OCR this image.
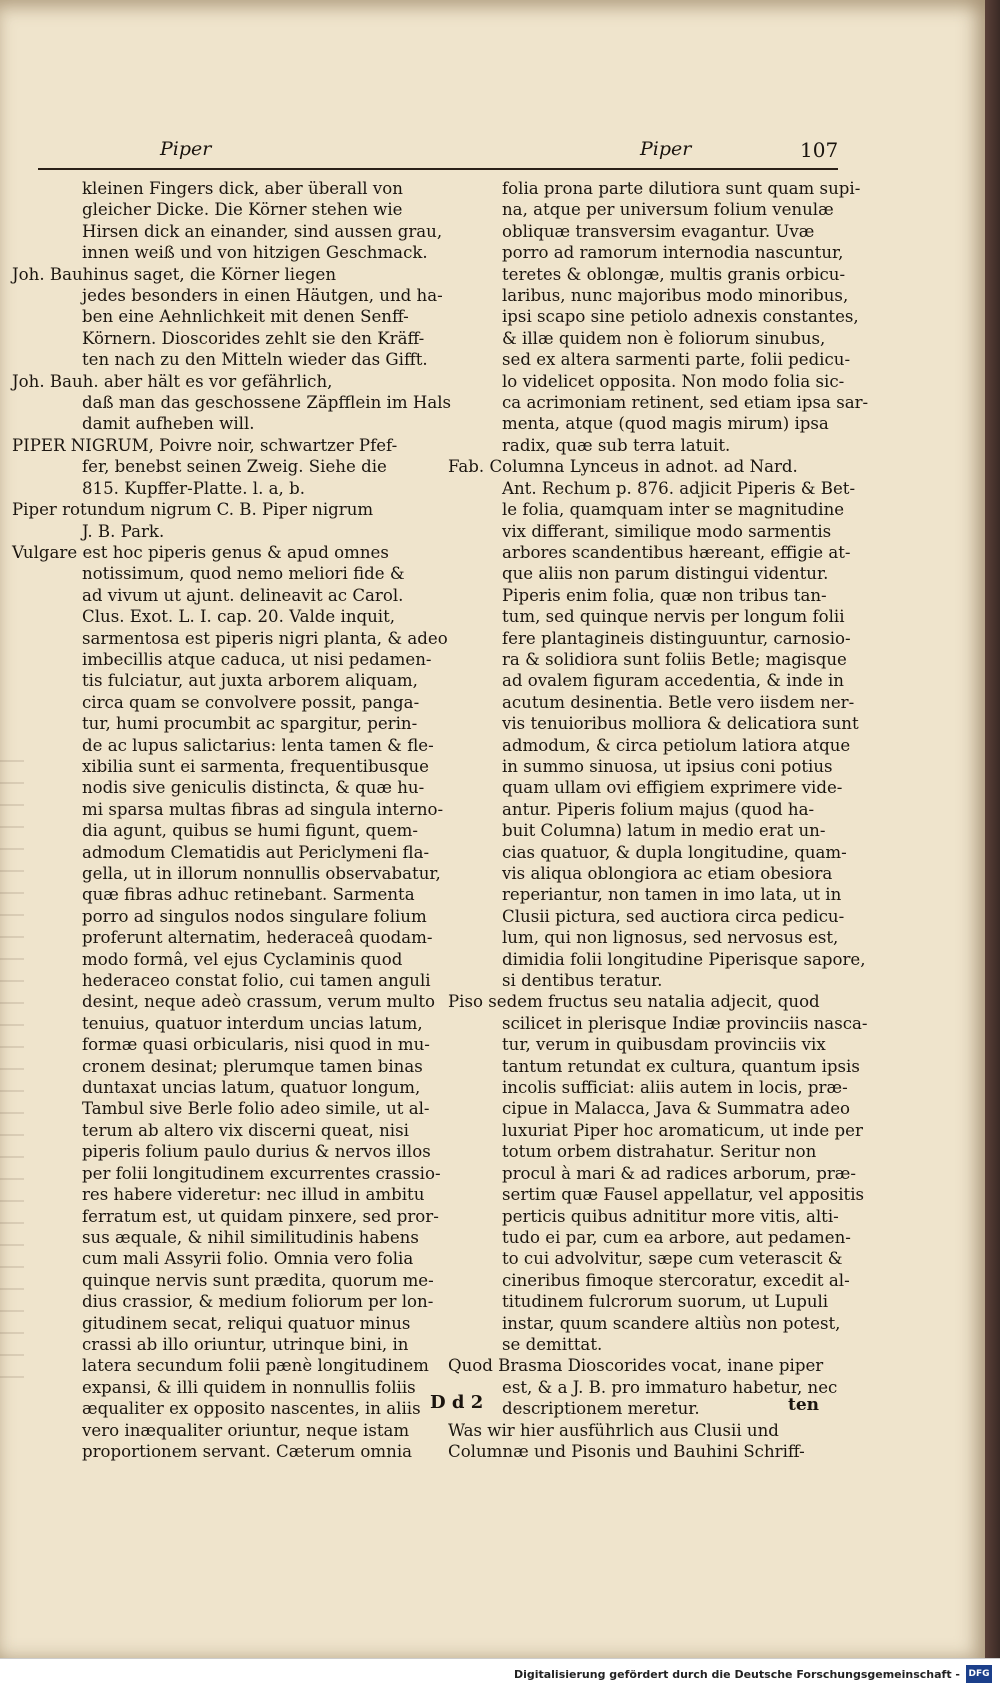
Piper	Piper	107
kleinen Fingers dick, aber überall von
gleicher Dicke. Die Körner stehen wie
Hirsen dick an einander, sind aussen grau,
innen weiß und von hitzigen Geschmack.
Joh. Bauhinus saget, die Körner liegen
jedes besonders in einen Häutgen, und ha-
ben eine Aehnlichkeit mit denen Senff-
Körnern. Dioscorides zehlt sie den Kräff-
ten nach zu den Mitteln wieder das Gifft.
Joh. Bauh. aber hält es vor gefährlich,
daß man das geschossene Zäpfflein im Hals
damit aufheben will.
PIPER NIGRUM, Poivre noir, schwartzer Pfef-
fer, benebst seinen Zweig. Siehe die
815. Kupffer-Platte. l. a, b.
Piper rotundum nigrum C. B. Piper nigrum
J. B. Park.
Vulgare est hoc piperis genus & apud omnes
notissimum, quod nemo meliori fide &
ad vivum ut ajunt. delineavit ac Carol.
Clus. Exot. L. I. cap. 20. Valde inquit,
sarmentosa est piperis nigri planta, & adeo
imbecillis atque caduca, ut nisi pedamen-
tis fulciatur, aut juxta arborem aliquam,
circa quam se convolvere possit, panga-
tur, humi procumbit ac spargitur, perin-
de ac lupus salictarius: lenta tamen & fle-
xibilia sunt ei sarmenta, frequentibusque
nodis sive geniculis distincta, & quæ hu-
mi sparsa multas fibras ad singula interno-
dia agunt, quibus se humi figunt, quem-
admodum Clematidis aut Periclymeni fla-
gella, ut in illorum nonnullis observabatur,
quæ fibras adhuc retinebant. Sarmenta
porro ad singulos nodos singulare folium
proferunt alternatim, hederaceâ quodam-
modo formâ, vel ejus Cyclaminis quod
hederaceo constat folio, cui tamen anguli
desint, neque adeò crassum, verum multo
tenuius, quatuor interdum uncias latum,
formæ quasi orbicularis, nisi quod in mu-
cronem desinat; plerumque tamen binas
duntaxat uncias latum, quatuor longum,
Tambul sive Berle folio adeo simile, ut al-
terum ab altero vix discerni queat, nisi
piperis folium paulo durius & nervos illos
per folii longitudinem excurrentes crassio-
res habere videretur: nec illud in ambitu
ferratum est, ut quidam pinxere, sed pror-
sus æquale, & nihil similitudinis habens
cum mali Assyrii folio. Omnia vero folia
quinque nervis sunt prædita, quorum me-
dius crassior, & medium foliorum per lon-
gitudinem secat, reliqui quatuor minus
crassi ab illo oriuntur, utrinque bini, in
latera secundum folii pænè longitudinem
expansi, & illi quidem in nonnullis foliis
æqualiter ex opposito nascentes, in aliis
vero inæqualiter oriuntur, neque istam
proportionem servant. Cæterum omnia
folia prona parte dilutiora sunt quam supi-
na, atque per universum folium venulæ
obliquæ transversim evagantur. Uvæ
porro ad ramorum internodia nascuntur,
teretes & oblongæ, multis granis orbicu-
laribus, nunc majoribus modo minoribus,
ipsi scapo sine petiolo adnexis constantes,
& illæ quidem non è foliorum sinubus,
sed ex altera sarmenti parte, folii pedicu-
lo videlicet opposita. Non modo folia sic-
ca acrimoniam retinent, sed etiam ipsa sar-
menta, atque (quod magis mirum) ipsa
radix, quæ sub terra latuit.
Fab. Columna Lynceus in adnot. ad Nard.
Ant. Rechum p. 876. adjicit Piperis & Bet-
le folia, quamquam inter se magnitudine
vix differant, similique modo sarmentis
arbores scandentibus hæreant, effigie at-
que aliis non parum distingui videntur.
Piperis enim folia, quæ non tribus tan-
tum, sed quinque nervis per longum folii
fere plantagineis distinguuntur, carnosio-
ra & solidiora sunt foliis Betle; magisque
ad ovalem figuram accedentia, & inde in
acutum desinentia. Betle vero iisdem ner-
vis tenuioribus molliora & delicatiora sunt
admodum, & circa petiolum latiora atque
in summo sinuosa, ut ipsius coni potius
quam ullam ovi effigiem exprimere vide-
antur. Piperis folium majus (quod ha-
buit Columna) latum in medio erat un-
cias quatuor, & dupla longitudine, quam-
vis aliqua oblongiora ac etiam obesiora
reperiantur, non tamen in imo lata, ut in
Clusii pictura, sed auctiora circa pedicu-
lum, qui non lignosus, sed nervosus est,
dimidia folii longitudine Piperisque sapore,
si dentibus teratur.
Piso sedem fructus seu natalia adjecit, quod
scilicet in plerisque Indiæ provinciis nasca-
tur, verum in quibusdam provinciis vix
tantum retundat ex cultura, quantum ipsis
incolis sufficiat: aliis autem in locis, præ-
cipue in Malacca, Java & Summatra adeo
luxuriat Piper hoc aromaticum, ut inde per
totum orbem distrahatur. Seritur non
procul à mari & ad radices arborum, præ-
sertim quæ Fausel appellatur, vel appositis
perticis quibus adnititur more vitis, alti-
tudo ei par, cum ea arbore, aut pedamen-
to cui advolvitur, sæpe cum veterascit &
cineribus fimoque stercoratur, excedit al-
titudinem fulcrorum suorum, ut Lupuli
instar, quum scandere altiùs non potest,
se demittat.
Quod Brasma Dioscorides vocat, inane piper
est, & a J. B. pro immaturo habetur, nec
descriptionem meretur.
Was wir hier ausführlich aus Clusii und
Columnæ und Pisonis und Bauhini Schriff-
D d 2	ten
Digitalisierung gefördert durch die Deutsche Forschungsgemeinschaft - DFG
